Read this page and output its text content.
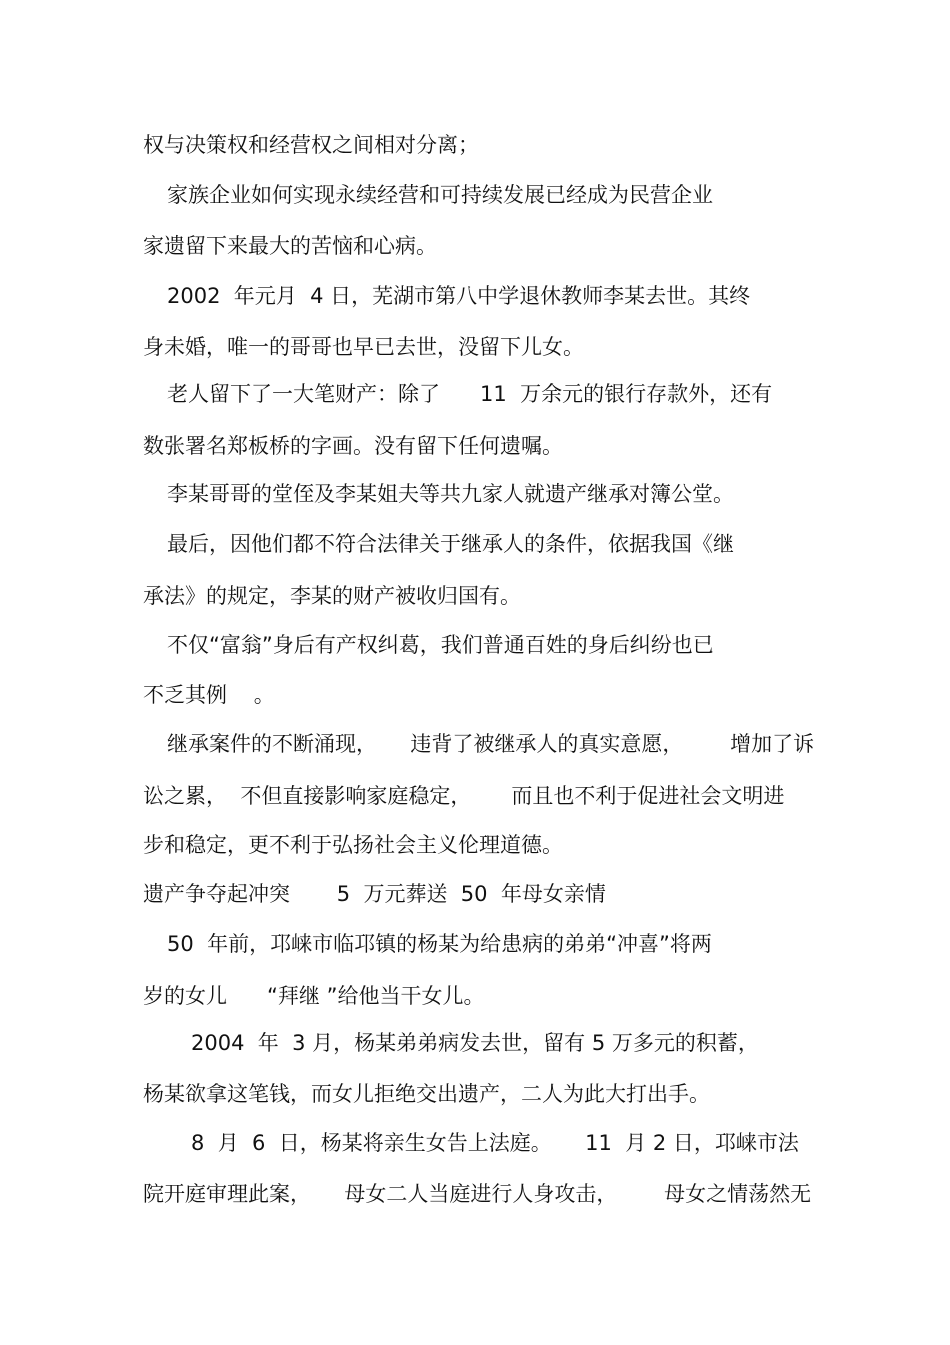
权与决策权和经营权之间相对分离；
家族企业如何实现永续经营和可持续发展已经成为民营企业
家遗留下来最大的苦恼和心病。
2002  年元月  4 日，芜湖市第八中学退休教师李某去世。其终
身未婚，唯一的哥哥也早已去世，没留下儿女。
老人留下了一大笔财产：除了      11  万余元的银行存款外，还有
数张署名郑板桥的字画。没有留下任何遗嘱。
李某哥哥的堂侄及李某姐夫等共九家人就遗产继承对簿公堂。
最后，因他们都不符合法律关于继承人的条件，依据我国《继
承法》的规定，李某的财产被收归国有。
不仅“富翁”身后有产权纠葛，我们普通百姓的身后纠纷也已
不乏其例    。
继承案件的不断涌现，     违背了被继承人的真实意愿，       增加了诉
讼之累，  不但直接影响家庭稳定，      而且也不利于促进社会文明进
步和稳定，更不利于弘扬社会主义伦理道德。
遗产争夺起冲突       5  万元葬送  50  年母女亲情
50  年前，邛崃市临邛镇的杨某为给患病的弟弟“冲喜”将两
岁的女儿      “拜继 ”给他当干女儿。
2004  年  3 月，杨某弟弟病发去世，留有 5 万多元的积蓄，
杨某欲拿这笔钱，而女儿拒绝交出遗产，二人为此大打出手。
8  月  6  日，杨某将亲生女告上法庭。     11  月 2 日，邛崃市法
院开庭审理此案，     母女二人当庭进行人身攻击，       母女之情荡然无
